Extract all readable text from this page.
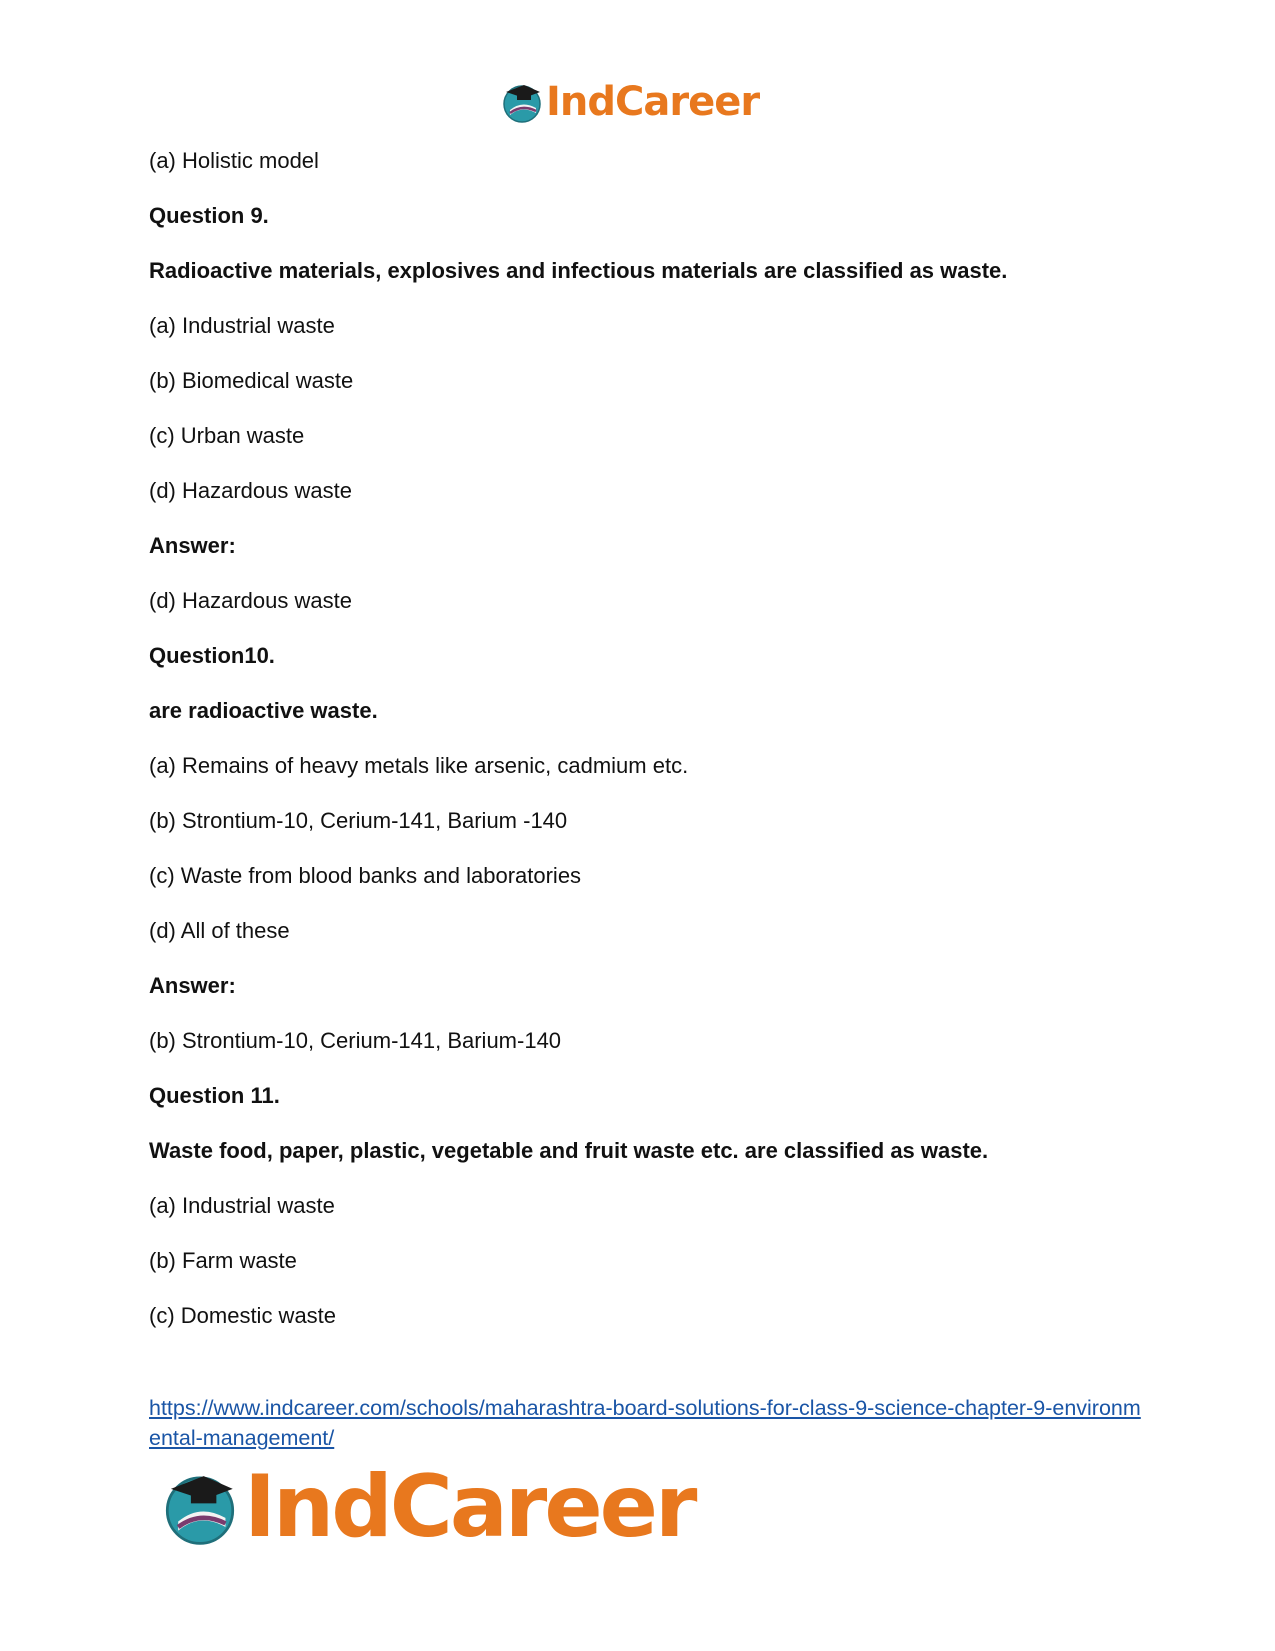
IndCareer
(a) Holistic model
Question 9.
Radioactive materials, explosives and infectious materials are classified as waste.
(a) Industrial waste
(b) Biomedical waste
(c) Urban waste
(d) Hazardous waste
Answer:
(d) Hazardous waste
Question10.
are radioactive waste.
(a) Remains of heavy metals like arsenic, cadmium etc.
(b) Strontium-10, Cerium-141, Barium -140
(c) Waste from blood banks and laboratories
(d) All of these
Answer:
(b) Strontium-10, Cerium-141, Barium-140
Question 11.
Waste food, paper, plastic, vegetable and fruit waste etc. are classified as waste.
(a) Industrial waste
(b) Farm waste
(c) Domestic waste
https://www.indcareer.com/schools/maharashtra-board-solutions-for-class-9-science-chapter-9-environmental-management/
IndCareer
